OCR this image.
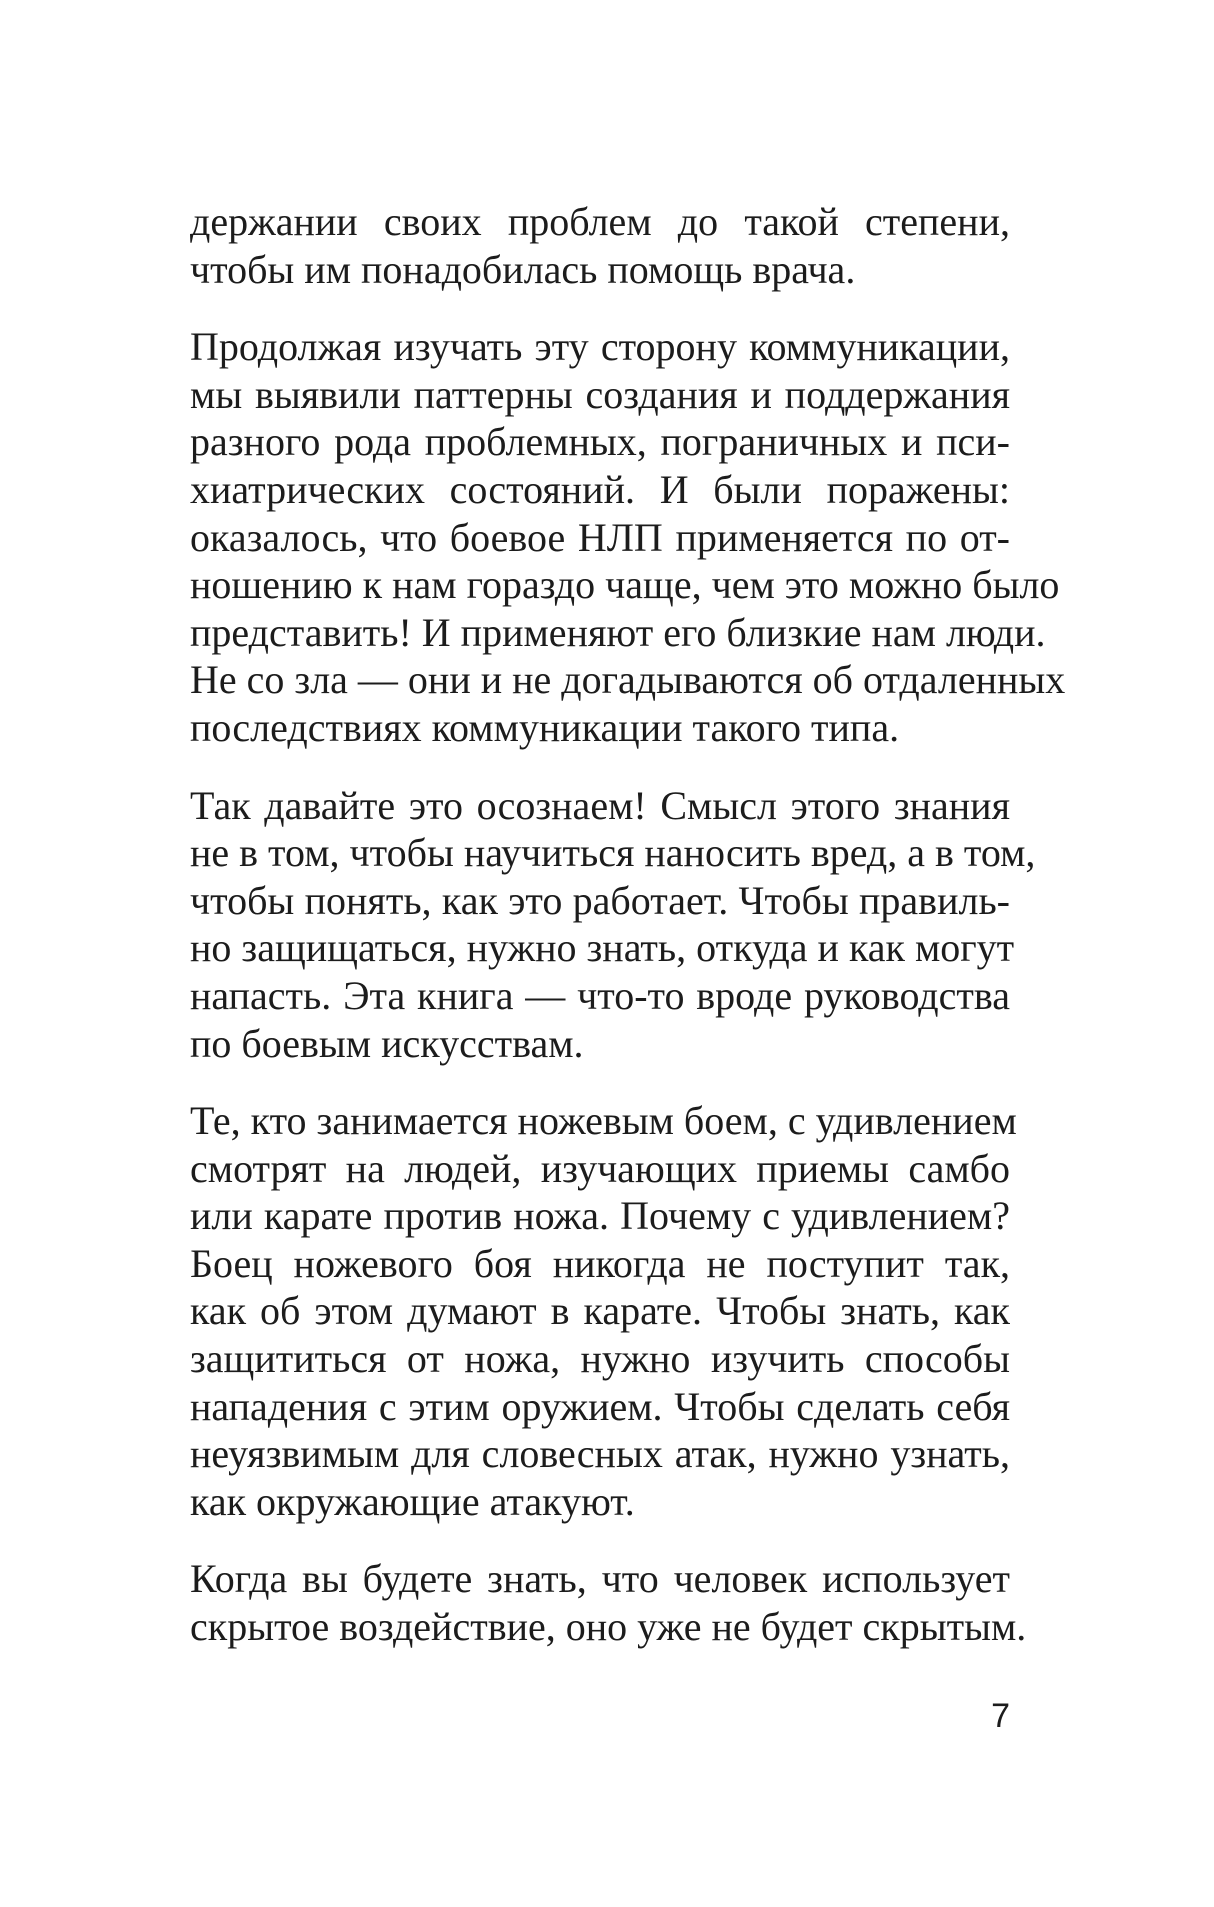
держании своих проблем до такой степени,
чтобы им понадобилась помощь врача.

Продолжая изучать эту сторону коммуникации,
мы выявили паттерны создания и поддержания
разного рода проблемных, пограничных и пси-
хиатрических состояний. И были поражены:
оказалось, что боевое НЛП применяется по от-
ношению к нам гораздо чаще, чем это можно было
представить! И применяют его близкие нам люди.
Не со зла — они и не догадываются об отдаленных
последствиях коммуникации такого типа.

Так давайте это осознаем! Смысл этого знания
не в том, чтобы научиться наносить вред, а в том,
чтобы понять, как это работает. Чтобы правиль-
но защищаться, нужно знать, откуда и как могут
напасть. Эта книга — что-то вроде руководства
по боевым искусствам.

Те, кто занимается ножевым боем, с удивлением
смотрят на людей, изучающих приемы самбо
или карате против ножа. Почему с удивлением?
Боец ножевого боя никогда не поступит так,
как об этом думают в карате. Чтобы знать, как
защититься от ножа, нужно изучить способы
нападения с этим оружием. Чтобы сделать себя
неуязвимым для словесных атак, нужно узнать,
как окружающие атакуют.

Когда вы будете знать, что человек использует
скрытое воздействие, оно уже не будет скрытым.

7
